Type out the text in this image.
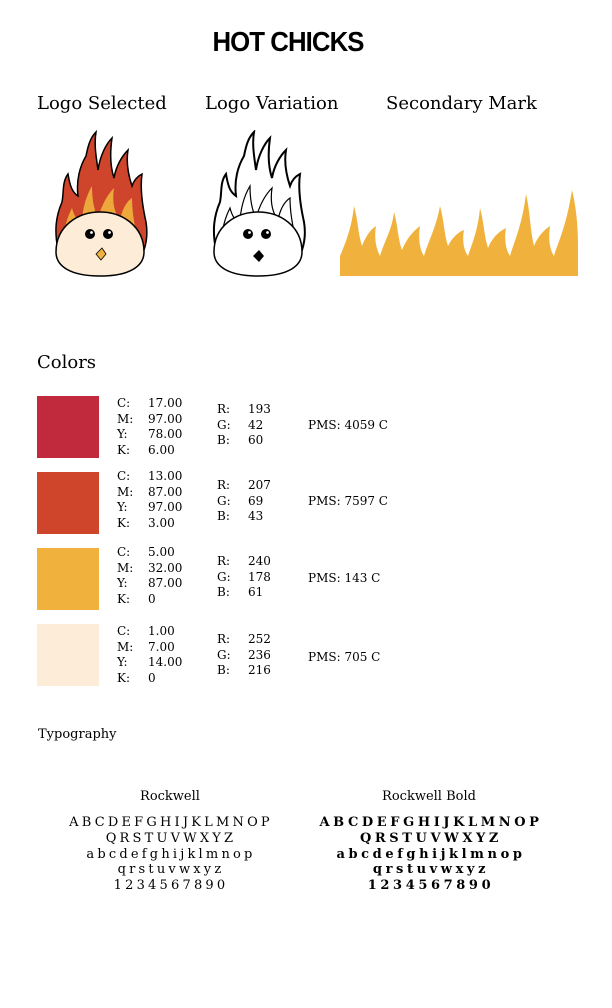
HOT CHICKS
Logo Selected Logo Variation	Secondary Mark
Colors
C:	17.00
M:	97.00
Y:	78.00
K:	6.00
R:	193
G:	42
B:	60
PMS: 4059 C
C:	13.00
M:	87.00
Y:	97.00
K:	3.00
R:	207
G:	69
B:	43
PMS: 7597 C
C:	5.00
M:	32.00
Y:	87.00
K:	0
R:	240
G:	178
B:	61
PMS: 143 C
C:	1.00
M:	7.00
Y:	14.00
K:	0
R:	252
G:	236
B:	216
PMS: 705 C
Typography
Rockwell	Rockwell Bold
ABCDEFGHIJKLMNOP
QRSTUVWXYZ
abcdefghijklmnop
qrstuvwxyz
1234567890
ABCDEFGHIJKLMNOP
QRSTUVWXYZ
abcdefghijklmnop
qrstuvwxyz
1234567890
